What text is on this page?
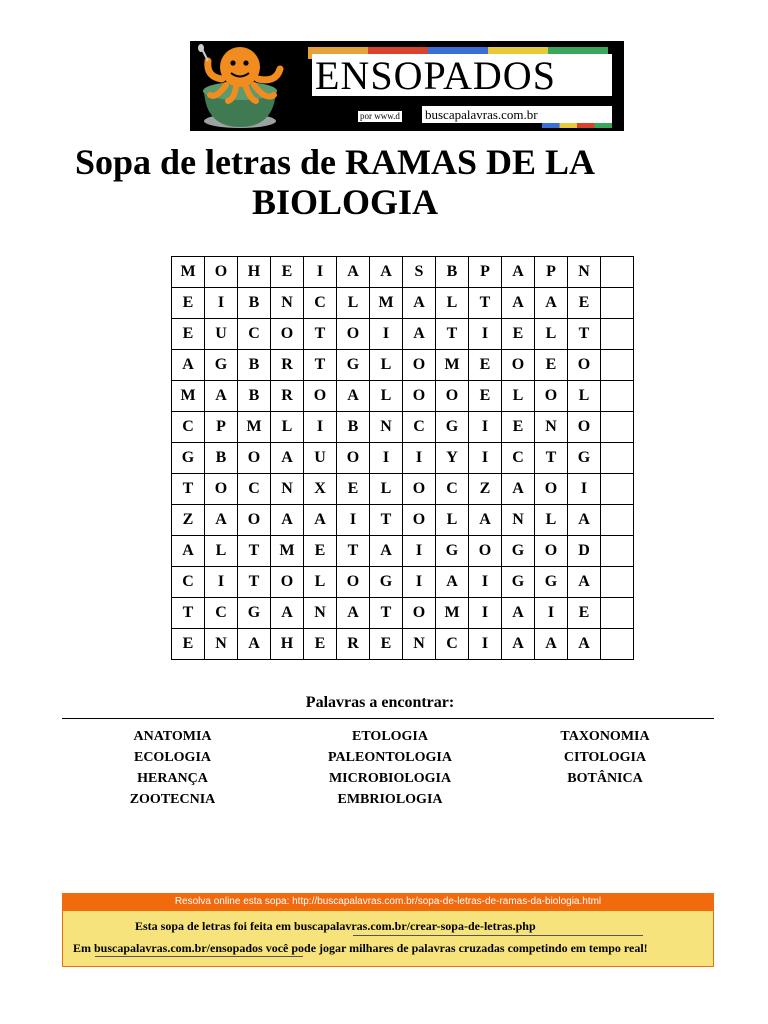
ENSOPADOS
por www.d buscapalavras.com.br
Sopa de letras de RAMAS DE LA
BIOLOGIA
M	O	H	E	I	A	A	S	B	P	A	P	N	

E	I	B	N	C	L	M	A	L	T	A	A	E	

E	U	C	O	T	O	I	A	T	I	E	L	T	

A	G	B	R	T	G	L	O	M	E	O	E	O	

M	A	B	R	O	A	L	O	O	E	L	O	L	

C	P	M	L	I	B	N	C	G	I	E	N	O	

G	B	O	A	U	O	I	I	Y	I	C	T	G	

T	O	C	N	X	E	L	O	C	Z	A	O	I	

Z	A	O	A	A	I	T	O	L	A	N	L	A	

A	L	T	M	E	T	A	I	G	O	G	O	D	

C	I	T	O	L	O	G	I	A	I	G	G	A	

T	C	G	A	N	A	T	O	M	I	A	I	E	

E	N	A	H	E	R	E	N	C	I	A	A	A	

Palavras a encontrar:
ANATOMIA
ECOLOGIA
HERANÇA
ZOOTECNIA
ETOLOGIA
PALEONTOLOGIA
MICROBIOLOGIA
EMBRIOLOGIA
TAXONOMIA
CITOLOGIA
BOTÂNICA
Resolva online esta sopa: http://buscapalavras.com.br/sopa-de-letras-de-ramas-da-biologia.html
Esta sopa de letras foi feita em buscapalavras.com.br/crear-sopa-de-letras.php
Em buscapalavras.com.br/ensopados você pode jogar milhares de palavras cruzadas competindo em tempo real!
